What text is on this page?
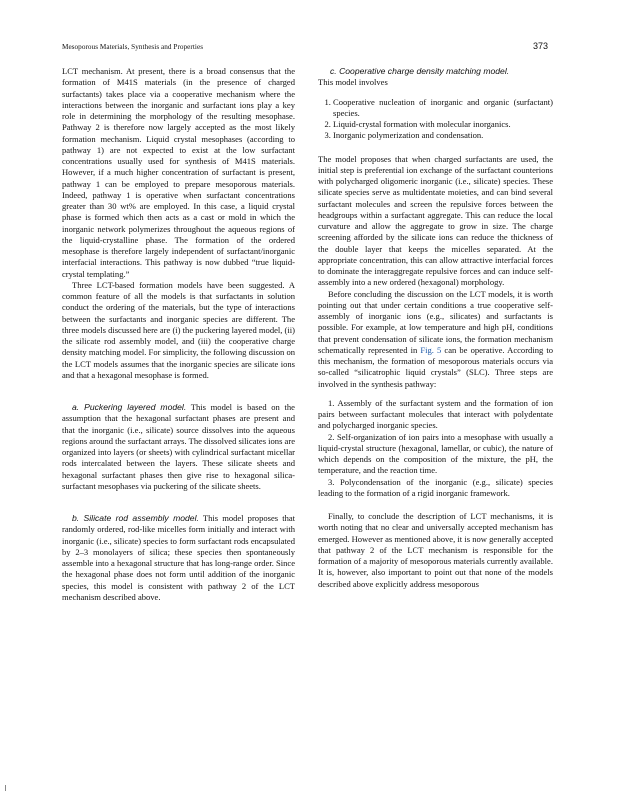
Mesoporous Materials, Synthesis and Properties	373

LCT mechanism. At present, there is a broad consensus that the formation of M41S materials (in the presence of charged surfactants) takes place via a cooperative mechanism where the interactions between the inorganic and surfactant ions play a key role in determining the morphology of the resulting mesophase. Pathway 2 is therefore now largely accepted as the most likely formation mechanism. Liquid crystal mesophases (according to pathway 1) are not expected to exist at the low surfactant concentrations usually used for synthesis of M41S materials. However, if a much higher concentration of surfactant is present, pathway 1 can be employed to prepare mesoporous materials. Indeed, pathway 1 is operative when surfactant concentrations greater than 30 wt% are employed. In this case, a liquid crystal phase is formed which then acts as a cast or mold in which the inorganic network polymerizes throughout the aqueous regions of the liquid-crystalline phase. The formation of the ordered mesophase is therefore largely independent of surfactant/inorganic interfacial interactions. This pathway is now dubbed “true liquid-crystal templating.”

Three LCT-based formation models have been suggested. A common feature of all the models is that surfactants in solution conduct the ordering of the materials, but the type of interactions between the surfactants and inorganic species are different. The three models discussed here are (i) the puckering layered model, (ii) the silicate rod assembly model, and (iii) the cooperative charge density matching model. For simplicity, the following discussion on the LCT models assumes that the inorganic species are silicate ions and that a hexagonal mesophase is formed.

a. Puckering layered model. This model is based on the assumption that the hexagonal surfactant phases are present and that the inorganic (i.e., silicate) source dissolves into the aqueous regions around the surfactant arrays. The dissolved silicates ions are organized into layers (or sheets) with cylindrical surfactant micellar rods intercalated between the layers. These silicate sheets and hexagonal surfactant phases then give rise to hexagonal silica-surfactant mesophases via puckering of the silicate sheets.

b. Silicate rod assembly model. This model proposes that randomly ordered, rod-like micelles form initially and interact with inorganic (i.e., silicate) species to form surfactant rods encapsulated by 2–3 monolayers of silica; these species then spontaneously assemble into a hexagonal structure that has long-range order. Since the hexagonal phase does not form until addition of the inorganic species, this model is consistent with pathway 2 of the LCT mechanism described above.

c. Cooperative charge density matching model.

This model involves

1. Cooperative nucleation of inorganic and organic (surfactant) species.
2. Liquid-crystal formation with molecular inorganics.
3. Inorganic polymerization and condensation.

The model proposes that when charged surfactants are used, the initial step is preferential ion exchange of the surfactant counterions with polycharged oligomeric inorganic (i.e., silicate) species. These silicate species serve as multidentate moieties, and can bind several surfactant molecules and screen the repulsive forces between the headgroups within a surfactant aggregate. This can reduce the local curvature and allow the aggregate to grow in size. The charge screening afforded by the silicate ions can reduce the thickness of the double layer that keeps the micelles separated. At the appropriate concentration, this can allow attractive interfacial forces to dominate the interaggregate repulsive forces and can induce self-assembly into a new ordered (hexagonal) morphology.

Before concluding the discussion on the LCT models, it is worth pointing out that under certain conditions a true cooperative self-assembly of inorganic ions (e.g., silicates) and surfactants is possible. For example, at low temperature and high pH, conditions that prevent condensation of silicate ions, the formation mechanism schematically represented in Fig. 5 can be operative. According to this mechanism, the formation of mesoporous materials occurs via so-called “silicatrophic liquid crystals” (SLC). Three steps are involved in the synthesis pathway:

1. Assembly of the surfactant system and the formation of ion pairs between surfactant molecules that interact with polydentate and polycharged inorganic species.

2. Self-organization of ion pairs into a mesophase with usually a liquid-crystal structure (hexagonal, lamellar, or cubic), the nature of which depends on the composition of the mixture, the pH, the temperature, and the reaction time.

3. Polycondensation of the inorganic (e.g., silicate) species leading to the formation of a rigid inorganic framework.

Finally, to conclude the description of LCT mechanisms, it is worth noting that no clear and universally accepted mechanism has emerged. However as mentioned above, it is now generally accepted that pathway 2 of the LCT mechanism is responsible for the formation of a majority of mesoporous materials currently available. It is, however, also important to point out that none of the models described above explicitly address mesoporous
